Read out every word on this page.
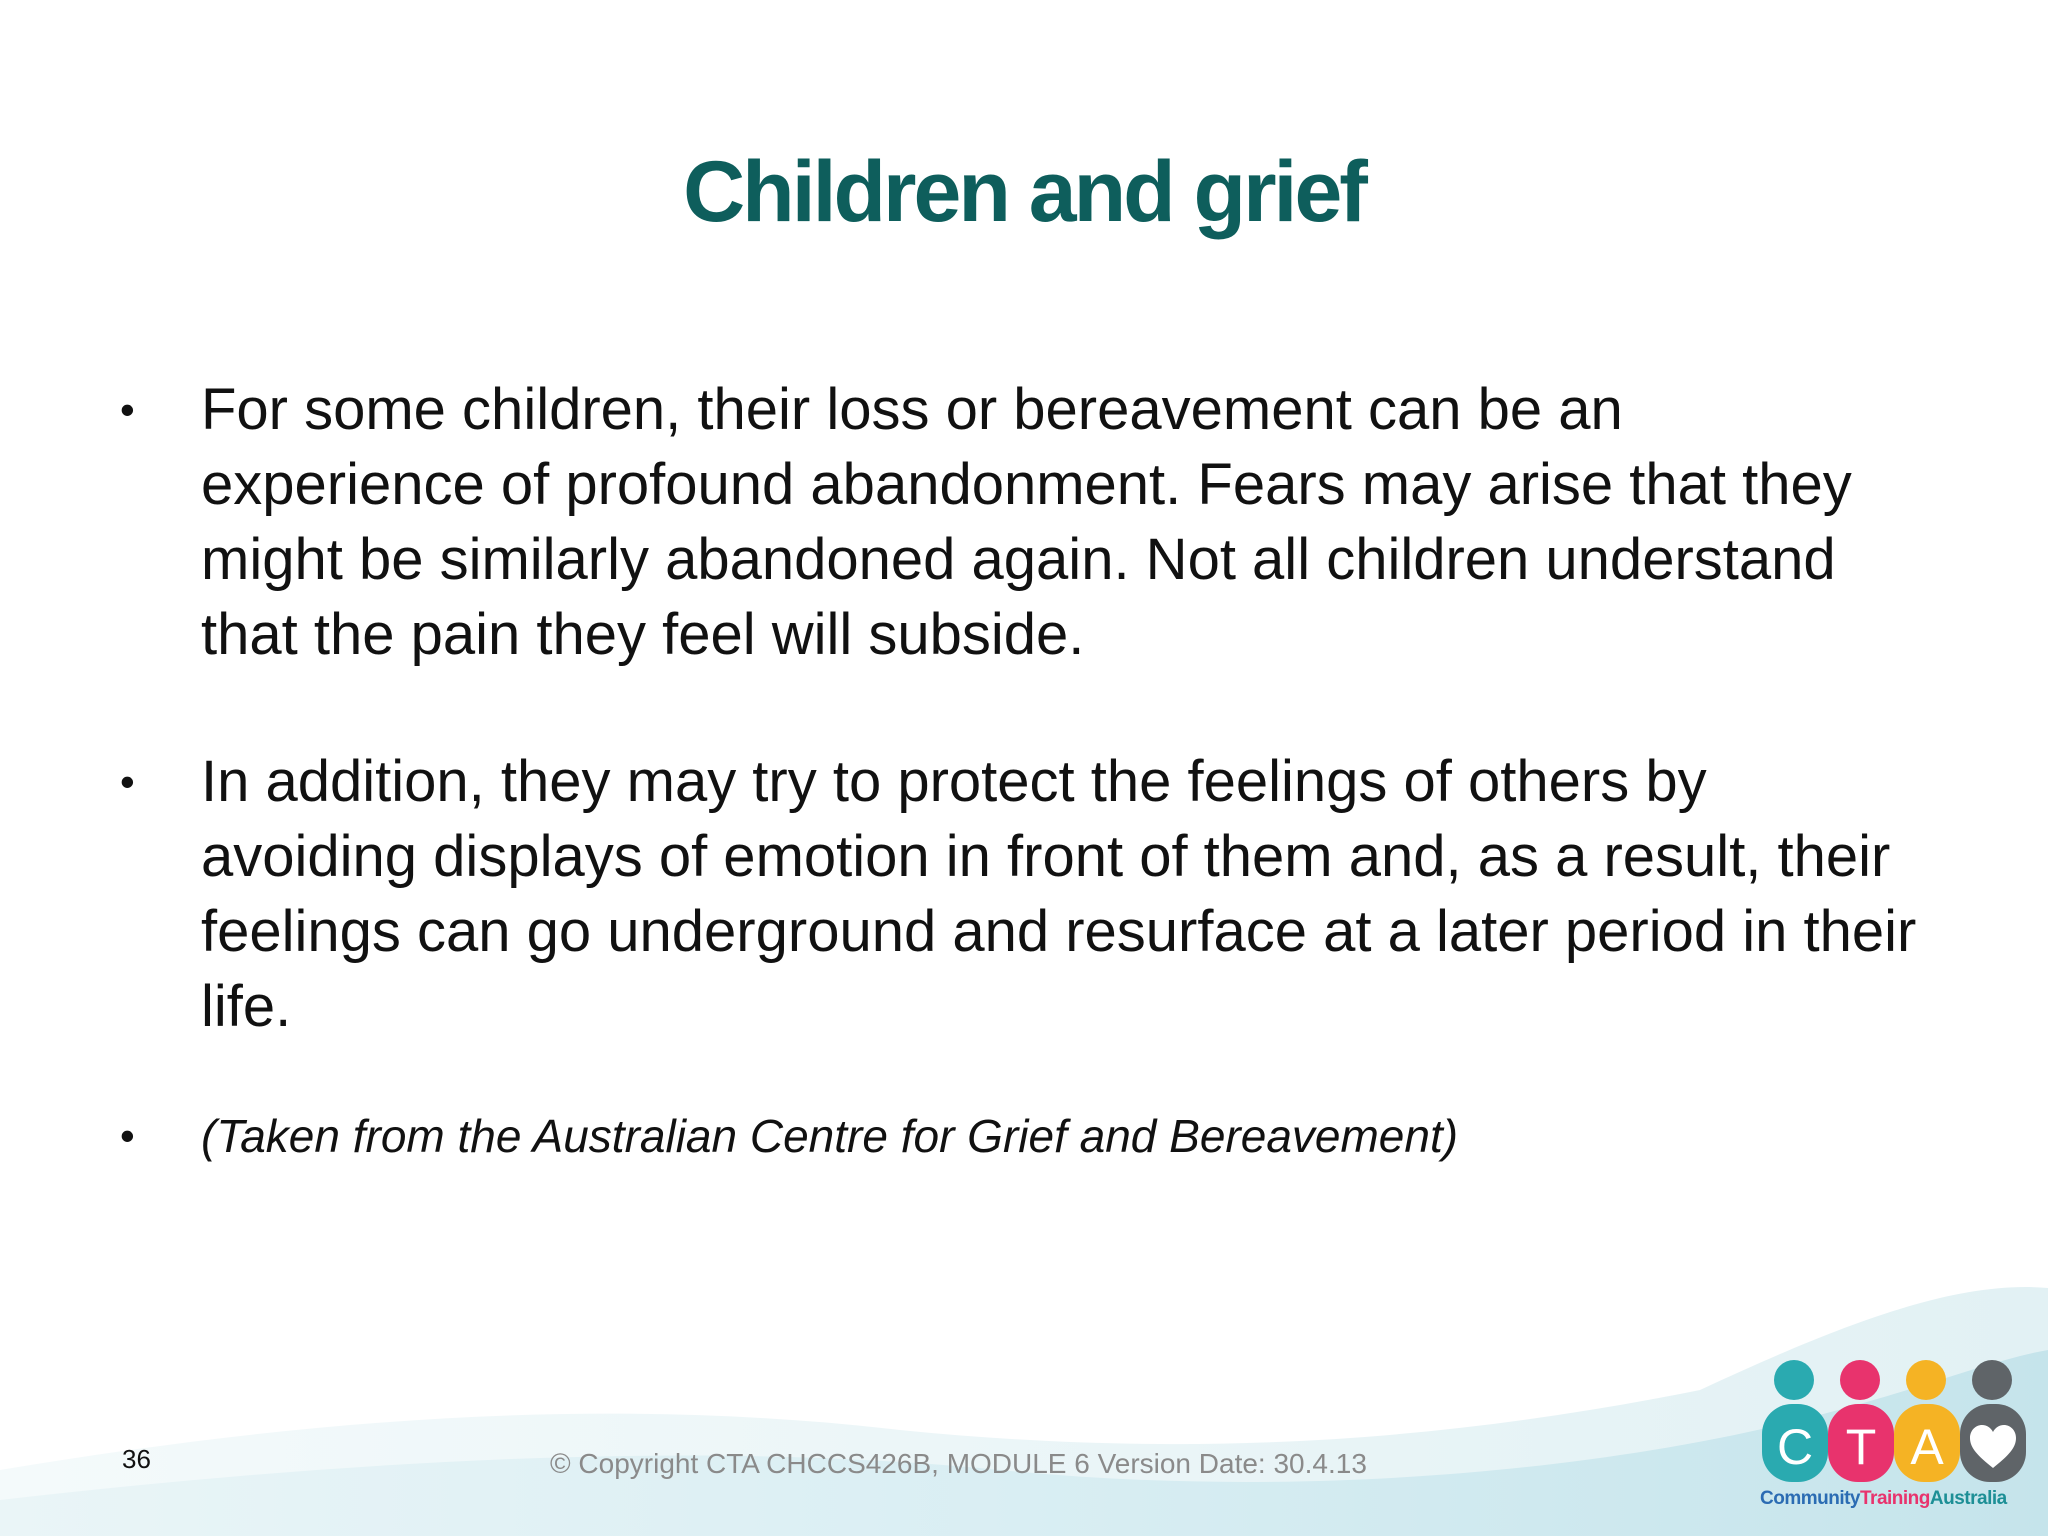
Children and grief
• For some children, their loss or bereavement can be an experience of profound abandonment. Fears may arise that they might be similarly abandoned again. Not all children understand that the pain they feel will subside.
• In addition, they may try to protect the feelings of others by avoiding displays of emotion in front of them and, as a result, their feelings can go underground and resurface at a later period in their life.
• (Taken from the Australian Centre for Grief and Bereavement)
36	© Copyright CTA CHCCS426B, MODULE 6 Version Date: 30.4.13	C T A
CommunityTrainingAustralia
